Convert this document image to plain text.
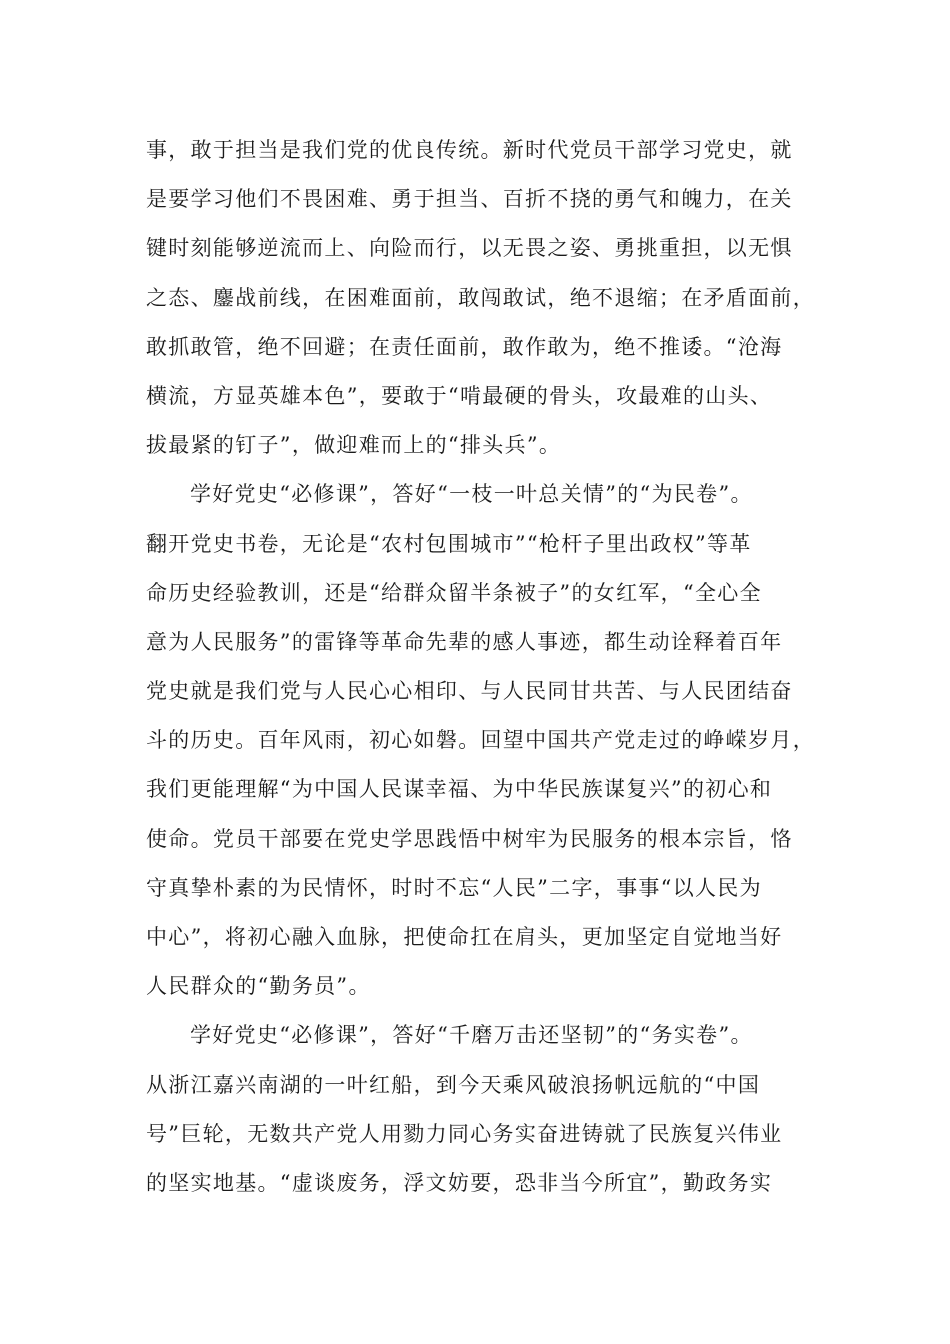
事，敢于担当是我们党的优良传统。新时代党员干部学习党史，就
是要学习他们不畏困难、勇于担当、百折不挠的勇气和魄力，在关
键时刻能够逆流而上、向险而行，以无畏之姿、勇挑重担，以无惧
之态、鏖战前线，在困难面前，敢闯敢试，绝不退缩；在矛盾面前，
敢抓敢管，绝不回避；在责任面前，敢作敢为，绝不推诿。“沧海
横流，方显英雄本色”，要敢于“啃最硬的骨头，攻最难的山头、
拔最紧的钉子”，做迎难而上的“排头兵”。
学好党史“必修课”，答好“一枝一叶总关情”的“为民卷”。
翻开党史书卷，无论是“农村包围城市”“枪杆子里出政权”等革
命历史经验教训，还是“给群众留半条被子”的女红军，“全心全
意为人民服务”的雷锋等革命先辈的感人事迹，都生动诠释着百年
党史就是我们党与人民心心相印、与人民同甘共苦、与人民团结奋
斗的历史。百年风雨，初心如磐。回望中国共产党走过的峥嵘岁月，
我们更能理解“为中国人民谋幸福、为中华民族谋复兴”的初心和
使命。党员干部要在党史学思践悟中树牢为民服务的根本宗旨，恪
守真挚朴素的为民情怀，时时不忘“人民”二字，事事“以人民为
中心”，将初心融入血脉，把使命扛在肩头，更加坚定自觉地当好
人民群众的“勤务员”。
学好党史“必修课”，答好“千磨万击还坚韧”的“务实卷”。
从浙江嘉兴南湖的一叶红船，到今天乘风破浪扬帆远航的“中国
号”巨轮，无数共产党人用勠力同心务实奋进铸就了民族复兴伟业
的坚实地基。“虚谈废务，浮文妨要，恐非当今所宜”，勤政务实
